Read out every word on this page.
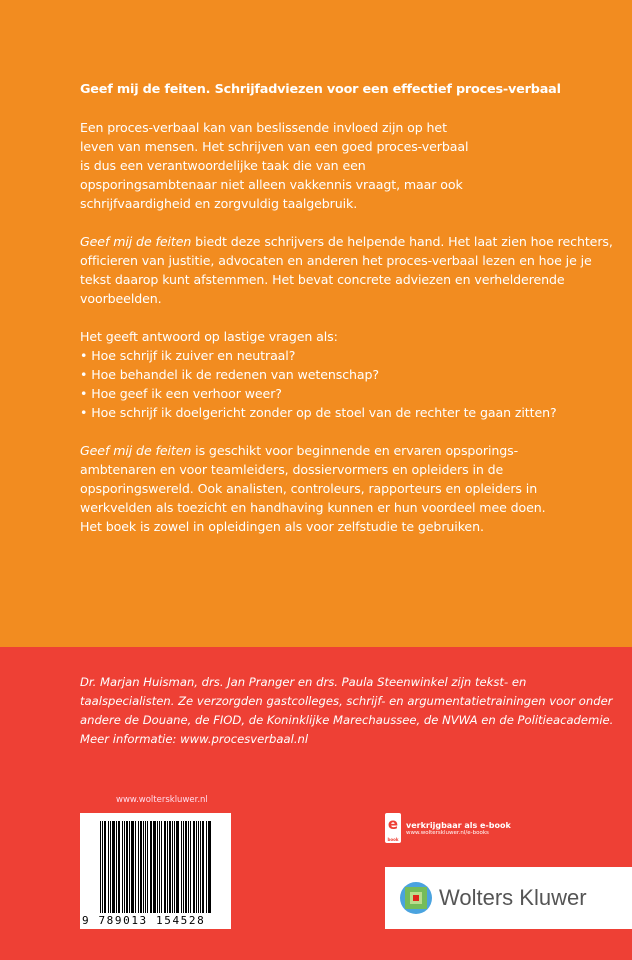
Geef mij de feiten. Schrijfadviezen voor een effectief proces-verbaal

Een proces-verbaal kan van beslissende invloed zijn op het leven van mensen. Het schrijven van een goed proces-verbaal is dus een verantwoordelijke taak die van een opsporingsambtenaar niet alleen vakkennis vraagt, maar ook schrijfvaardigheid en zorgvuldig taalgebruik.

Geef mij de feiten biedt deze schrijvers de helpende hand. Het laat zien hoe rechters, officieren van justitie, advocaten en anderen het proces-verbaal lezen en hoe je je tekst daarop kunt afstemmen. Het bevat concrete adviezen en verhelderende voorbeelden.

Het geeft antwoord op lastige vragen als:
• Hoe schrijf ik zuiver en neutraal?
• Hoe behandel ik de redenen van wetenschap?
• Hoe geef ik een verhoor weer?
• Hoe schrijf ik doelgericht zonder op de stoel van de rechter te gaan zitten?

Geef mij de feiten is geschikt voor beginnende en ervaren opsporings-ambtenaren en voor teamleiders, dossiervormers en opleiders in de opsporingswereld. Ook analisten, controleurs, rapporteurs en opleiders in werkvelden als toezicht en handhaving kunnen er hun voordeel mee doen. Het boek is zowel in opleidingen als voor zelfstudie te gebruiken.

Dr. Marjan Huisman, drs. Jan Pranger en drs. Paula Steenwinkel zijn tekst- en taalspecialisten. Ze verzorgden gastcolleges, schrijf- en argumentatietrainingen voor onder andere de Douane, de FIOD, de Koninklijke Marechaussee, de NVWA en de Politieacademie. Meer informatie: www.procesverbaal.nl
www.wolterskluwer.nl
9 789013 154528
e
book
verkrijgbaar als e-book
www.wolterskluwer.nl/e-books
Wolters Kluwer
